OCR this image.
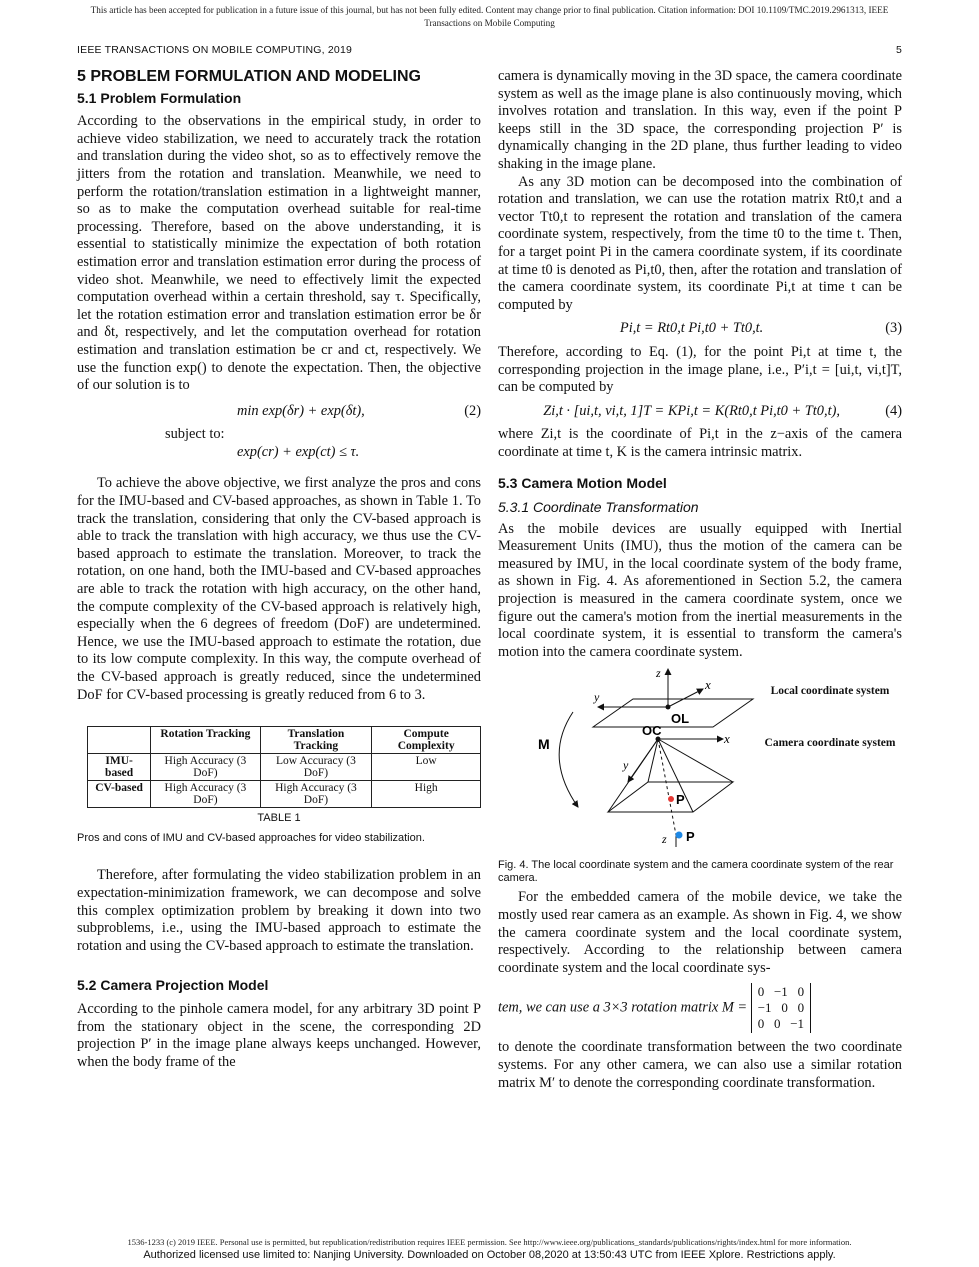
This article has been accepted for publication in a future issue of this journal, but has not been fully edited. Content may change prior to final publication. Citation information: DOI 10.1109/TMC.2019.2961313, IEEE
Transactions on Mobile Computing
IEEE TRANSACTIONS ON MOBILE COMPUTING, 2019	5
5 PROBLEM FORMULATION AND MODELING
5.1 Problem Formulation

According to the observations in the empirical study, in order to achieve video stabilization, we need to accurately track the rotation and translation during the video shot, so as to effectively remove the jitters from the rotation and translation. Meanwhile, we need to perform the rotation/translation estimation in a lightweight manner, so as to make the computation overhead suitable for real-time processing. Therefore, based on the above understanding, it is essential to statistically minimize the expectation of both rotation estimation error and translation estimation error during the process of video shot. Meanwhile, we need to effectively limit the expected computation overhead within a certain threshold, say τ. Specifically, let the rotation estimation error and translation estimation error be δr and δt, respectively, and let the computation overhead for rotation estimation and translation estimation be cr and ct, respectively. We use the function exp() to denote the expectation. Then, the objective of our solution is to

min exp(δr) + exp(δt),	(2)
subject to:
exp(cr) + exp(ct) ≤ τ.

To achieve the above objective, we first analyze the pros and cons for the IMU-based and CV-based approaches, as shown in Table 1. To track the translation, considering that only the CV-based approach is able to track the translation with high accuracy, we thus use the CV-based approach to estimate the translation. Moreover, to track the rotation, on one hand, both the IMU-based and CV-based approaches are able to track the rotation with high accuracy, on the other hand, the compute complexity of the CV-based approach is relatively high, especially when the 6 degrees of freedom (DoF) are undetermined. Hence, we use the IMU-based approach to estimate the rotation, due to its low compute complexity. In this way, the compute overhead of the CV-based approach is greatly reduced, since the undetermined DoF for CV-based processing is greatly reduced from 6 to 3.

	Rotation Tracking	Translation Tracking	Compute Complexity
IMU-based	High Accuracy (3 DoF)	Low Accuracy (3 DoF)	Low
CV-based	High Accuracy (3 DoF)	High Accuracy (3 DoF)	High
TABLE 1
Pros and cons of IMU and CV-based approaches for video stabilization.

Therefore, after formulating the video stabilization problem in an expectation-minimization framework, we can decompose and solve this complex optimization problem by breaking it down into two subproblems, i.e., using the IMU-based approach to estimate the rotation and using the CV-based approach to estimate the translation.

5.2 Camera Projection Model

According to the pinhole camera model, for any arbitrary 3D point P from the stationary object in the scene, the corresponding 2D projection P′ in the image plane always keeps unchanged. However, when the body frame of the

camera is dynamically moving in the 3D space, the camera coordinate system as well as the image plane is also continuously moving, which involves rotation and translation. In this way, even if the point P keeps still in the 3D space, the corresponding projection P′ is dynamically changing in the 2D plane, thus further leading to video shaking in the image plane.

As any 3D motion can be decomposed into the combination of rotation and translation, we can use the rotation matrix Rt0,t and a vector Tt0,t to represent the rotation and translation of the camera coordinate system, respectively, from the time t0 to the time t. Then, for a target point Pi in the camera coordinate system, if its coordinate at time t0 is denoted as Pi,t0, then, after the rotation and translation of the camera coordinate system, its coordinate Pi,t at time t can be computed by

Pi,t = Rt0,t Pi,t0 + Tt0,t.	(3)

Therefore, according to Eq. (1), for the point Pi,t at time t, the corresponding projection in the image plane, i.e., P′i,t = [ui,t, vi,t]T, can be computed by

Zi,t · [ui,t, vi,t, 1]T = KPi,t = K(Rt0,t Pi,t0 + Tt0,t),	(4)

where Zi,t is the coordinate of Pi,t in the z−axis of the camera coordinate at time t, K is the camera intrinsic matrix.

5.3 Camera Motion Model
5.3.1 Coordinate Transformation

As the mobile devices are usually equipped with Inertial Measurement Units (IMU), thus the motion of the camera can be measured by IMU, in the local coordinate system of the body frame, as shown in Fig. 4. As aforementioned in Section 5.2, the camera projection is measured in the camera coordinate system, once we figure out the camera's motion from the inertial measurements in the local coordinate system, it is essential to transform the camera's motion into the camera coordinate system.

y
x
z
OL
OC
x
y
z
P
P
M
Local coordinate system
Camera coordinate system
Fig. 4. The local coordinate system and the camera coordinate system of the rear camera.

For the embedded camera of the mobile device, we take the mostly used rear camera as an example. As shown in Fig. 4, we show the camera coordinate system and the local coordinate system, respectively. According to the relationship between camera coordinate system and the local coordinate sys-

tem, we can use a 3×3 rotation matrix M = 0 −1 0
−1 0 0
0 0 −1

to denote the coordinate transformation between the two coordinate systems. For any other camera, we can also use a similar rotation matrix M′ to denote the corresponding coordinate transformation.

1536-1233 (c) 2019 IEEE. Personal use is permitted, but republication/redistribution requires IEEE permission. See http://www.ieee.org/publications_standards/publications/rights/index.html for more information.
Authorized licensed use limited to: Nanjing University. Downloaded on October 08,2020 at 13:50:43 UTC from IEEE Xplore. Restrictions apply.
